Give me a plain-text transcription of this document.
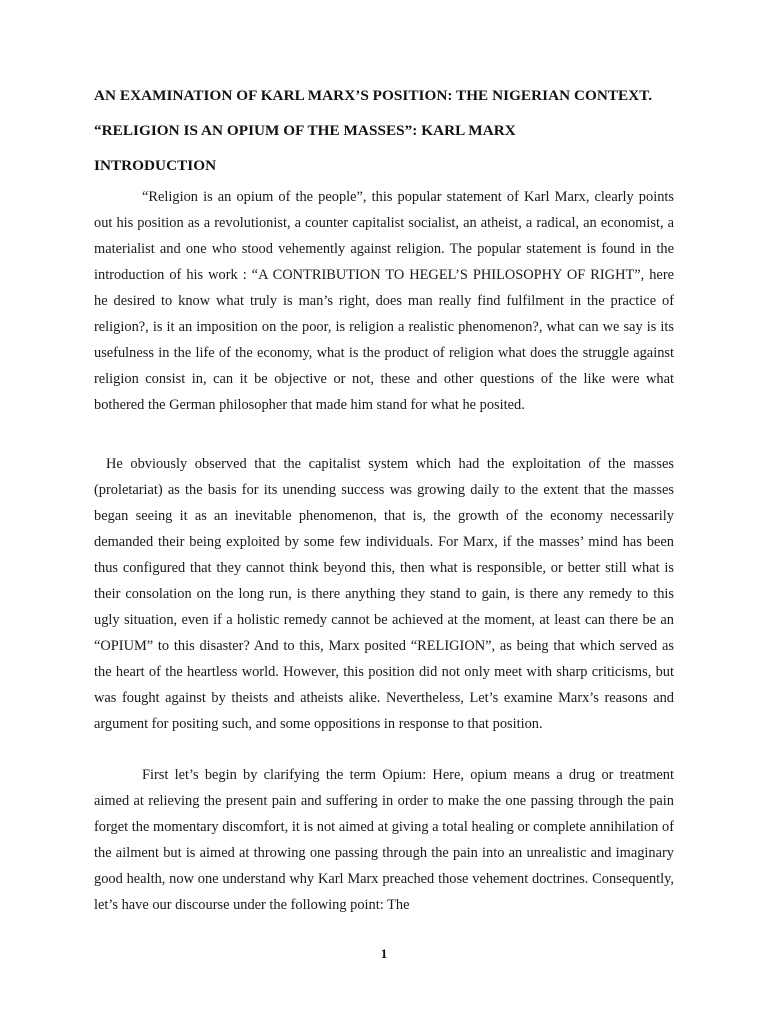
AN EXAMINATION OF KARL MARX’S POSITION: THE NIGERIAN CONTEXT.
“RELIGION IS AN OPIUM OF THE MASSES”: KARL MARX
INTRODUCTION

“Religion is an opium of the people”, this popular statement of Karl Marx, clearly points out his position as a revolutionist, a counter capitalist socialist, an atheist, a radical, an economist, a materialist and one who stood vehemently against religion. The popular statement is found in the introduction of his work : “A CONTRIBUTION TO HEGEL’S PHILOSOPHY OF RIGHT”, here he desired to know what truly is man’s right, does man really find fulfilment in the practice of religion?, is it an imposition on the poor, is religion a realistic phenomenon?, what can we say is its usefulness in the life of the economy, what is the product of religion what does the struggle against religion consist in, can it be objective or not, these and other questions of the like were what bothered the German philosopher that made him stand for what he posited.

He obviously observed that the capitalist system which had the exploitation of the masses (proletariat) as the basis for its unending success was growing daily to the extent that the masses began seeing it as an inevitable phenomenon, that is, the growth of the economy necessarily demanded their being exploited by some few individuals. For Marx, if the masses’ mind has been thus configured that they cannot think beyond this, then what is responsible, or better still what is their consolation on the long run, is there anything they stand to gain, is there any remedy to this ugly situation, even if a holistic remedy cannot be achieved at the moment, at least can there be an “OPIUM” to this disaster? And to this, Marx posited “RELIGION”, as being that which served as the heart of the heartless world. However, this position did not only meet with sharp criticisms, but was fought against by theists and atheists alike. Nevertheless, Let’s examine Marx’s reasons and argument for positing such, and some oppositions in response to that position.

First let’s begin by clarifying the term Opium: Here, opium means a drug or treatment aimed at relieving the present pain and suffering in order to make the one passing through the pain forget the momentary discomfort, it is not aimed at giving a total healing or complete annihilation of the ailment but is aimed at throwing one passing through the pain into an unrealistic and imaginary good health, now one understand why Karl Marx preached those vehement doctrines. Consequently, let’s have our discourse under the following point: The

1
